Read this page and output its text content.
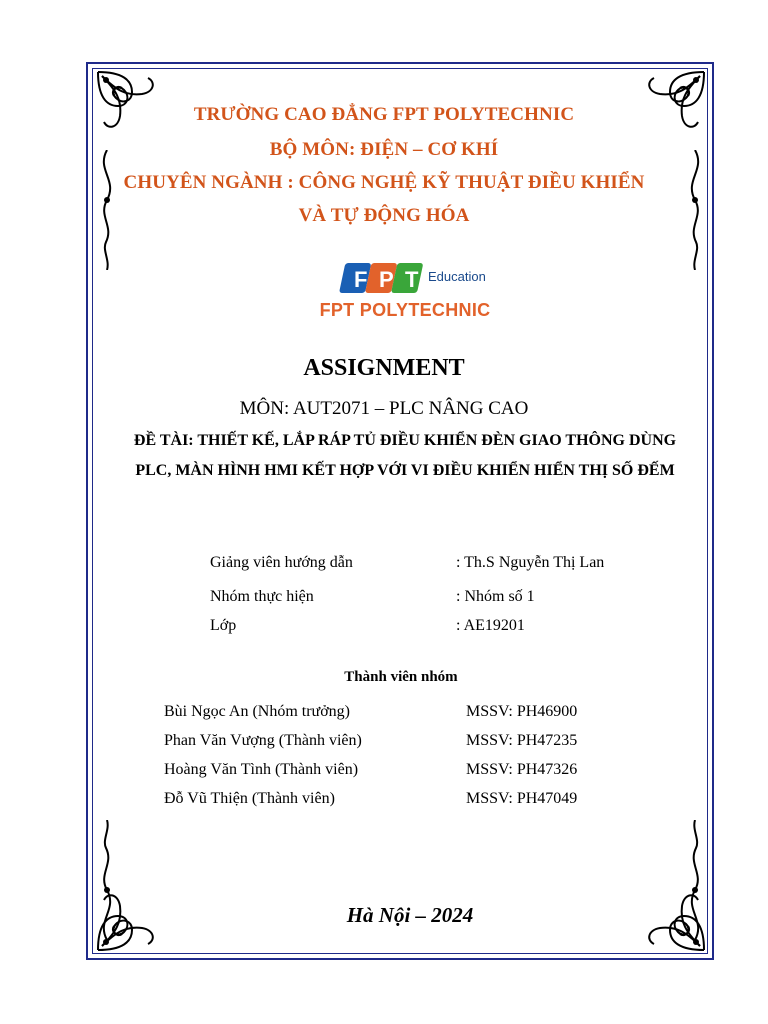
TRƯỜNG CAO ĐẲNG FPT POLYTECHNIC
BỘ MÔN: ĐIỆN – CƠ KHÍ
CHUYÊN NGÀNH : CÔNG NGHỆ KỸ THUẬT ĐIỀU KHIỂN
VÀ TỰ ĐỘNG HÓA
F P T Education
FPT POLYTECHNIC
ASSIGNMENT
MÔN: AUT2071 – PLC NÂNG CAO
ĐỀ TÀI: THIẾT KẾ, LẮP RÁP TỦ ĐIỀU KHIỂN ĐÈN GIAO THÔNG DÙNG PLC, MÀN HÌNH HMI KẾT HỢP VỚI VI ĐIỀU KHIỂN HIỂN THỊ SỐ ĐẾM
Giảng viên hướng dẫn	: Th.S Nguyễn Thị Lan
Nhóm thực hiện	: Nhóm số 1
Lớp	: AE19201
Thành viên nhóm
Bùi Ngọc An (Nhóm trưởng)	MSSV: PH46900
Phan Văn Vượng (Thành viên)	MSSV: PH47235
Hoàng Văn Tình (Thành viên)	MSSV: PH47326
Đỗ Vũ Thiện (Thành viên)	MSSV: PH47049
Hà Nội – 2024
